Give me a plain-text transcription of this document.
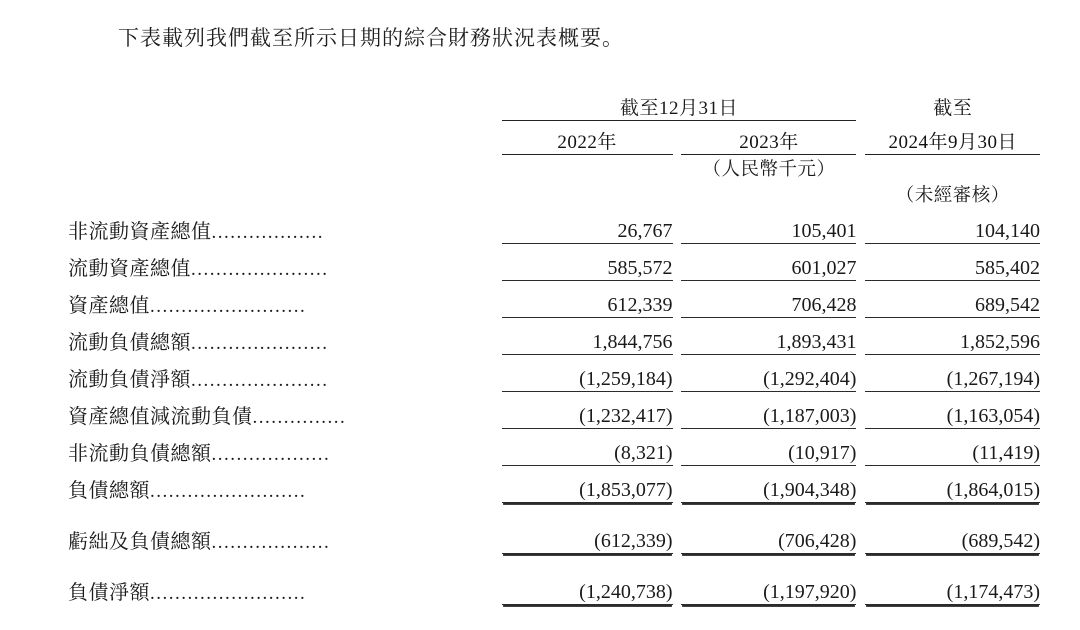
下表載列我們截至所示日期的綜合財務狀況表概要。
	截至12月31日				截至
	2022年		2023年		2024年9月30日
			（人民幣千元）		
					（未經審核）
非流動資產總值..................	26,767		105,401		104,140
流動資產總值......................	585,572		601,027		585,402
資產總值.........................	612,339		706,428		689,542
流動負債總額......................	1,844,756		1,893,431		1,852,596
流動負債淨額......................	(1,259,184)		(1,292,404)		(1,267,194)
資產總值減流動負債...............	(1,232,417)		(1,187,003)		(1,163,054)
非流動負債總額...................	(8,321)		(10,917)		(11,419)
負債總額.........................	(1,853,077)		(1,904,348)		(1,864,015)

虧絀及負債總額...................	(612,339)		(706,428)		(689,542)

負債淨額.........................	(1,240,738)		(1,197,920)		(1,174,473)
